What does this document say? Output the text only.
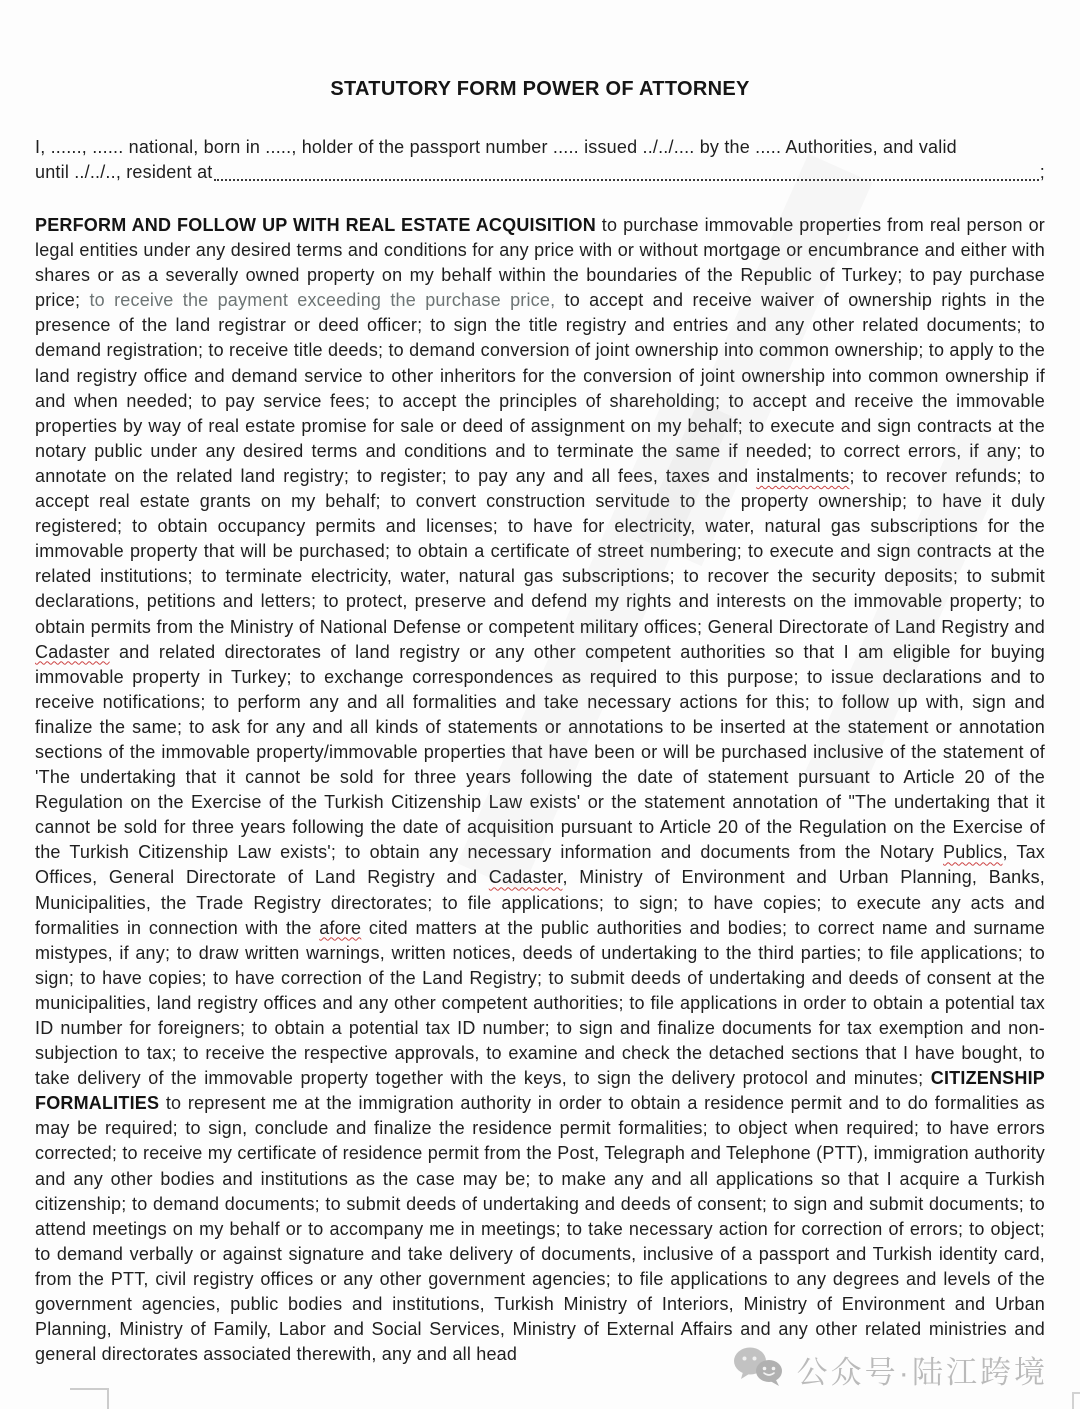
STATUTORY FORM POWER OF ATTORNEY
I, ......, ...... national, born in ....., holder of the passport number ..... issued ../../.... by the ..... Authorities, and valid
until ../../.., resident at	;

PERFORM AND FOLLOW UP WITH REAL ESTATE ACQUISITION to purchase immovable properties from real person or legal entities under any desired terms and conditions for any price with or without mortgage or encumbrance and either with shares or as a severally owned property on my behalf within the boundaries of the Republic of Turkey; to pay purchase price; to receive the payment exceeding the purchase price, to accept and receive waiver of ownership rights in the presence of the land registrar or deed officer; to sign the title registry and entries and any other related documents; to demand registration; to receive title deeds; to demand conversion of joint ownership into common ownership; to apply to the land registry office and demand service to other inheritors for the conversion of joint ownership into common ownership if and when needed; to pay service fees; to accept the principles of shareholding; to accept and receive the immovable properties by way of real estate promise for sale or deed of assignment on my behalf; to execute and sign contracts at the notary public under any desired terms and conditions and to terminate the same if needed; to correct errors, if any; to annotate on the related land registry; to register; to pay any and all fees, taxes and instalments; to recover refunds; to accept real estate grants on my behalf; to convert construction servitude to the property ownership; to have it duly registered; to obtain occupancy permits and licenses; to have for electricity, water, natural gas subscriptions for the immovable property that will be purchased; to obtain a certificate of street numbering; to execute and sign contracts at the related institutions; to terminate electricity, water, natural gas subscriptions; to recover the security deposits; to submit declarations, petitions and letters; to protect, preserve and defend my rights and interests on the immovable property; to obtain permits from the Ministry of National Defense or competent military offices; General Directorate of Land Registry and Cadaster and related directorates of land registry or any other competent authorities so that I am eligible for buying immovable property in Turkey; to exchange correspondences as required to this purpose; to issue declarations and to receive notifications; to perform any and all formalities and take necessary actions for this; to follow up with, sign and finalize the same; to ask for any and all kinds of statements or annotations to be inserted at the statement or annotation sections of the immovable property/immovable properties that have been or will be purchased inclusive of the statement of 'The undertaking that it cannot be sold for three years following the date of statement pursuant to Article 20 of the Regulation on the Exercise of the Turkish Citizenship Law exists' or the statement annotation of "The undertaking that it cannot be sold for three years following the date of acquisition pursuant to Article 20 of the Regulation on the Exercise of the Turkish Citizenship Law exists'; to obtain any necessary information and documents from the Notary Publics, Tax Offices, General Directorate of Land Registry and Cadaster, Ministry of Environment and Urban Planning, Banks, Municipalities, the Trade Registry directorates; to file applications; to sign; to have copies; to execute any acts and formalities in connection with the afore cited matters at the public authorities and bodies; to correct name and surname mistypes, if any; to draw written warnings, written notices, deeds of undertaking to the third parties; to file applications; to sign; to have copies; to have correction of the Land Registry; to submit deeds of undertaking and deeds of consent at the municipalities, land registry offices and any other competent authorities; to file applications in order to obtain a potential tax ID number for foreigners; to obtain a potential tax ID number; to sign and finalize documents for tax exemption and non-subjection to tax; to receive the respective approvals, to examine and check the detached sections that I have bought, to take delivery of the immovable property together with the keys, to sign the delivery protocol and minutes; CITIZENSHIP FORMALITIES to represent me at the immigration authority in order to obtain a residence permit and to do formalities as may be required; to sign, conclude and finalize the residence permit formalities; to object when required; to have errors corrected; to receive my certificate of residence permit from the Post, Telegraph and Telephone (PTT), immigration authority and any other bodies and institutions as the case may be; to make any and all applications so that I acquire a Turkish citizenship; to demand documents; to submit deeds of undertaking and deeds of consent; to sign and submit documents; to attend meetings on my behalf or to accompany me in meetings; to take necessary action for correction of errors; to object; to demand verbally or against signature and take delivery of documents, inclusive of a passport and Turkish identity card, from the PTT, civil registry offices or any other government agencies; to file applications to any degrees and levels of the government agencies, public bodies and institutions, Turkish Ministry of Interiors, Ministry of Environment and Urban Planning, Ministry of Family, Labor and Social Services, Ministry of External Affairs and any other related ministries and general directorates associated therewith, any and all head

公众号·陆江跨境
